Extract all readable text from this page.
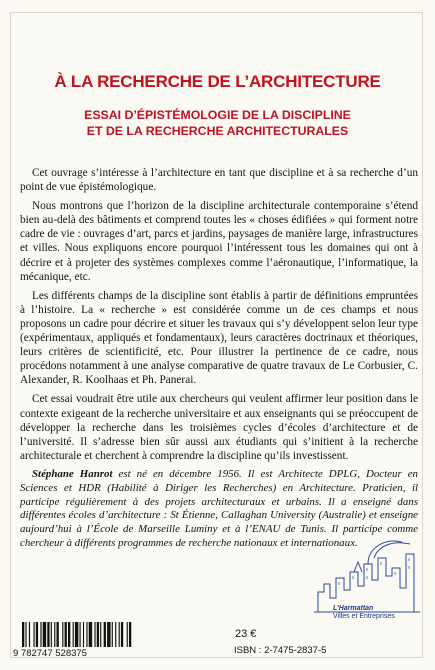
À LA RECHERCHE DE L’ARCHITECTURE
ESSAI D’ÉPISTÉMOLOGIE DE LA DISCIPLINE
ET DE LA RECHERCHE ARCHITECTURALES

Cet ouvrage s’intéresse à l’architecture en tant que discipline et à sa recherche d’un point de vue épistémologique.

Nous montrons que l’horizon de la discipline architecturale contemporaine s’étend bien au-delà des bâtiments et comprend toutes les « choses édifiées » qui forment notre cadre de vie : ouvrages d’art, parcs et jardins, paysages de manière large, infrastructures et villes. Nous expliquons encore pourquoi l’intéressent tous les domaines qui ont à décrire et à projeter des systèmes complexes comme l’aéronautique, l’informatique, la mécanique, etc.

Les différents champs de la discipline sont établis à partir de définitions empruntées à l’histoire. La « recherche » est considérée comme un de ces champs et nous proposons un cadre pour décrire et situer les travaux qui s’y développent selon leur type (expérimentaux, appliqués et fondamentaux), leurs caractères doctrinaux et théoriques, leurs critères de scientificité, etc. Pour illustrer la pertinence de ce cadre, nous procédons notamment à une analyse comparative de quatre travaux de Le Corbusier, C. Alexander, R. Koolhaas et Ph. Panerai.

Cet essai voudrait être utile aux chercheurs qui veulent affirmer leur position dans le contexte exigeant de la recherche universitaire et aux enseignants qui se préoccupent de développer la recherche dans les troisièmes cycles d’écoles d’architecture et de l’université. Il s’adresse bien sûr aussi aux étudiants qui s’initient à la recherche architecturale et cherchent à comprendre la discipline qu’ils investissent.

Stéphane Hanrot est né en décembre 1956. Il est Architecte DPLG, Docteur en Sciences et HDR (Habilité à Diriger les Recherches) en Architecture. Praticien, il participe régulièrement à des projets architecturaux et urbains. Il a enseigné dans différentes écoles d’architecture : St Étienne, Callaghan University (Australie) et enseigne aujourd’hui à l’École de Marseille Luminy et à l’ENAU de Tunis. Il participe comme chercheur à différents programmes de recherche nationaux et internationaux.

L’Harmattan
Villes et Entreprises
9 782747 528375
23 €
ISBN : 2-7475-2837-5
